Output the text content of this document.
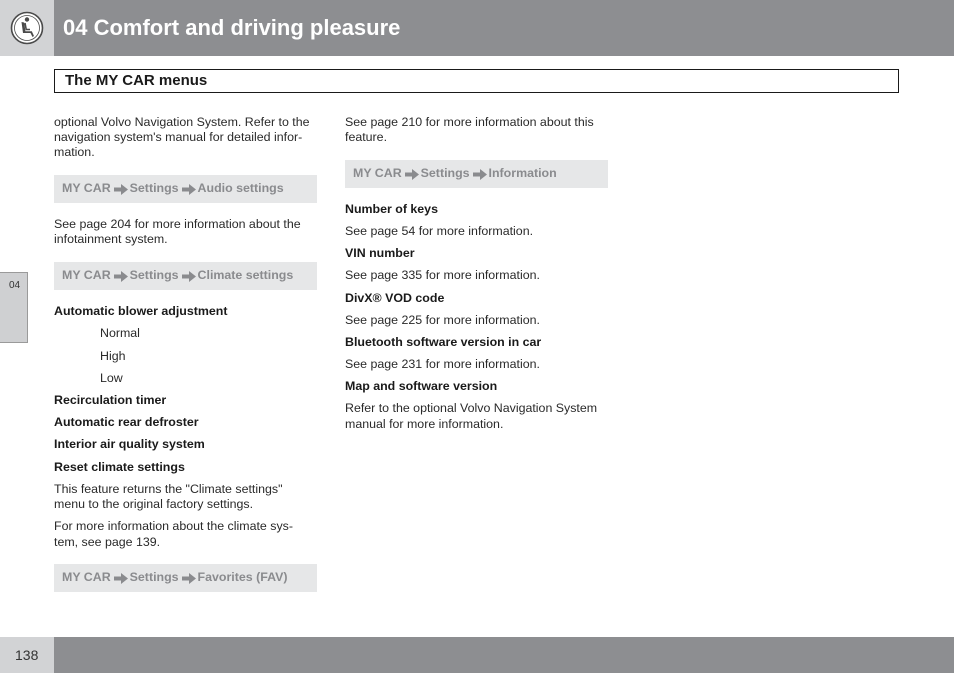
04 Comfort and driving pleasure
The MY CAR menus
04
optional Volvo Navigation System. Refer to the
navigation system's manual for detailed infor-
mation.
MY CAR Settings Audio settings
See page 204 for more information about the
infotainment system.
MY CAR Settings Climate settings
Automatic blower adjustment
Normal
High
Low
Recirculation timer
Automatic rear defroster
Interior air quality system
Reset climate settings
This feature returns the "Climate settings"
menu to the original factory settings.
For more information about the climate sys-
tem, see page 139.
MY CAR Settings Favorites (FAV)
See page 210 for more information about this
feature.
MY CAR Settings Information
Number of keys
See page 54 for more information.
VIN number
See page 335 for more information.
DivX® VOD code
See page 225 for more information.
Bluetooth software version in car
See page 231 for more information.
Map and software version
Refer to the optional Volvo Navigation System
manual for more information.
138
